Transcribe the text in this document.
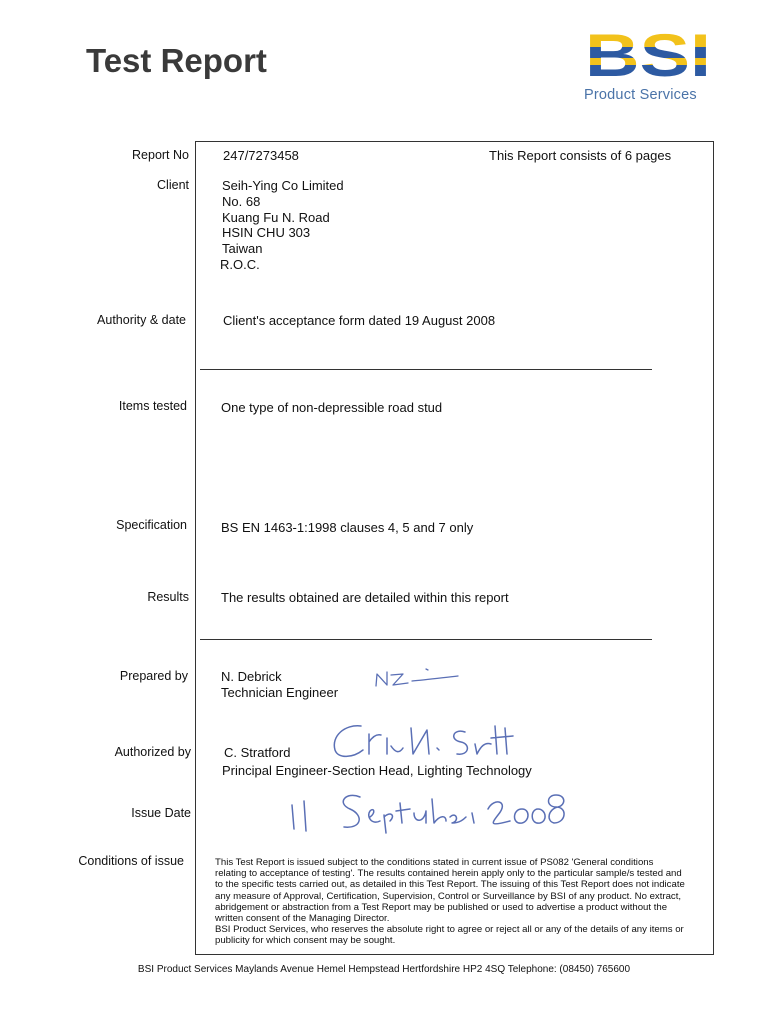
Test Report
Product Services
Report No	247/7273458	This Report consists of 6 pages
Client	Seih-Ying Co Limited
No. 68
Kuang Fu N. Road
HSIN CHU 303
Taiwan
R.O.C.
Authority & date	Client's acceptance form dated 19 August 2008
Items tested	One type of non-depressible road stud
Specification	BS EN 1463-1:1998 clauses 4, 5 and 7 only
Results The results obtained are detailed within this report
Prepared by	N. Debrick
Technician Engineer
Authorized by	C. Stratford
Principal Engineer-Section Head, Lighting Technology
Issue Date
Conditions of issue	This Test Report is issued subject to the conditions stated in current issue of PS082 'General conditions
relating to acceptance of testing'. The results contained herein apply only to the particular sample/s tested and
to the specific tests carried out, as detailed in this Test Report. The issuing of this Test Report does not indicate
any measure of Approval, Certification, Supervision, Control or Surveillance by BSI of any product. No extract,
abridgement or abstraction from a Test Report may be published or used to advertise a product without the
written consent of the Managing Director.
BSI Product Services, who reserves the absolute right to agree or reject all or any of the details of any items or
publicity for which consent may be sought.
BSI Product Services Maylands Avenue Hemel Hempstead Hertfordshire HP2 4SQ Telephone: (08450) 765600
